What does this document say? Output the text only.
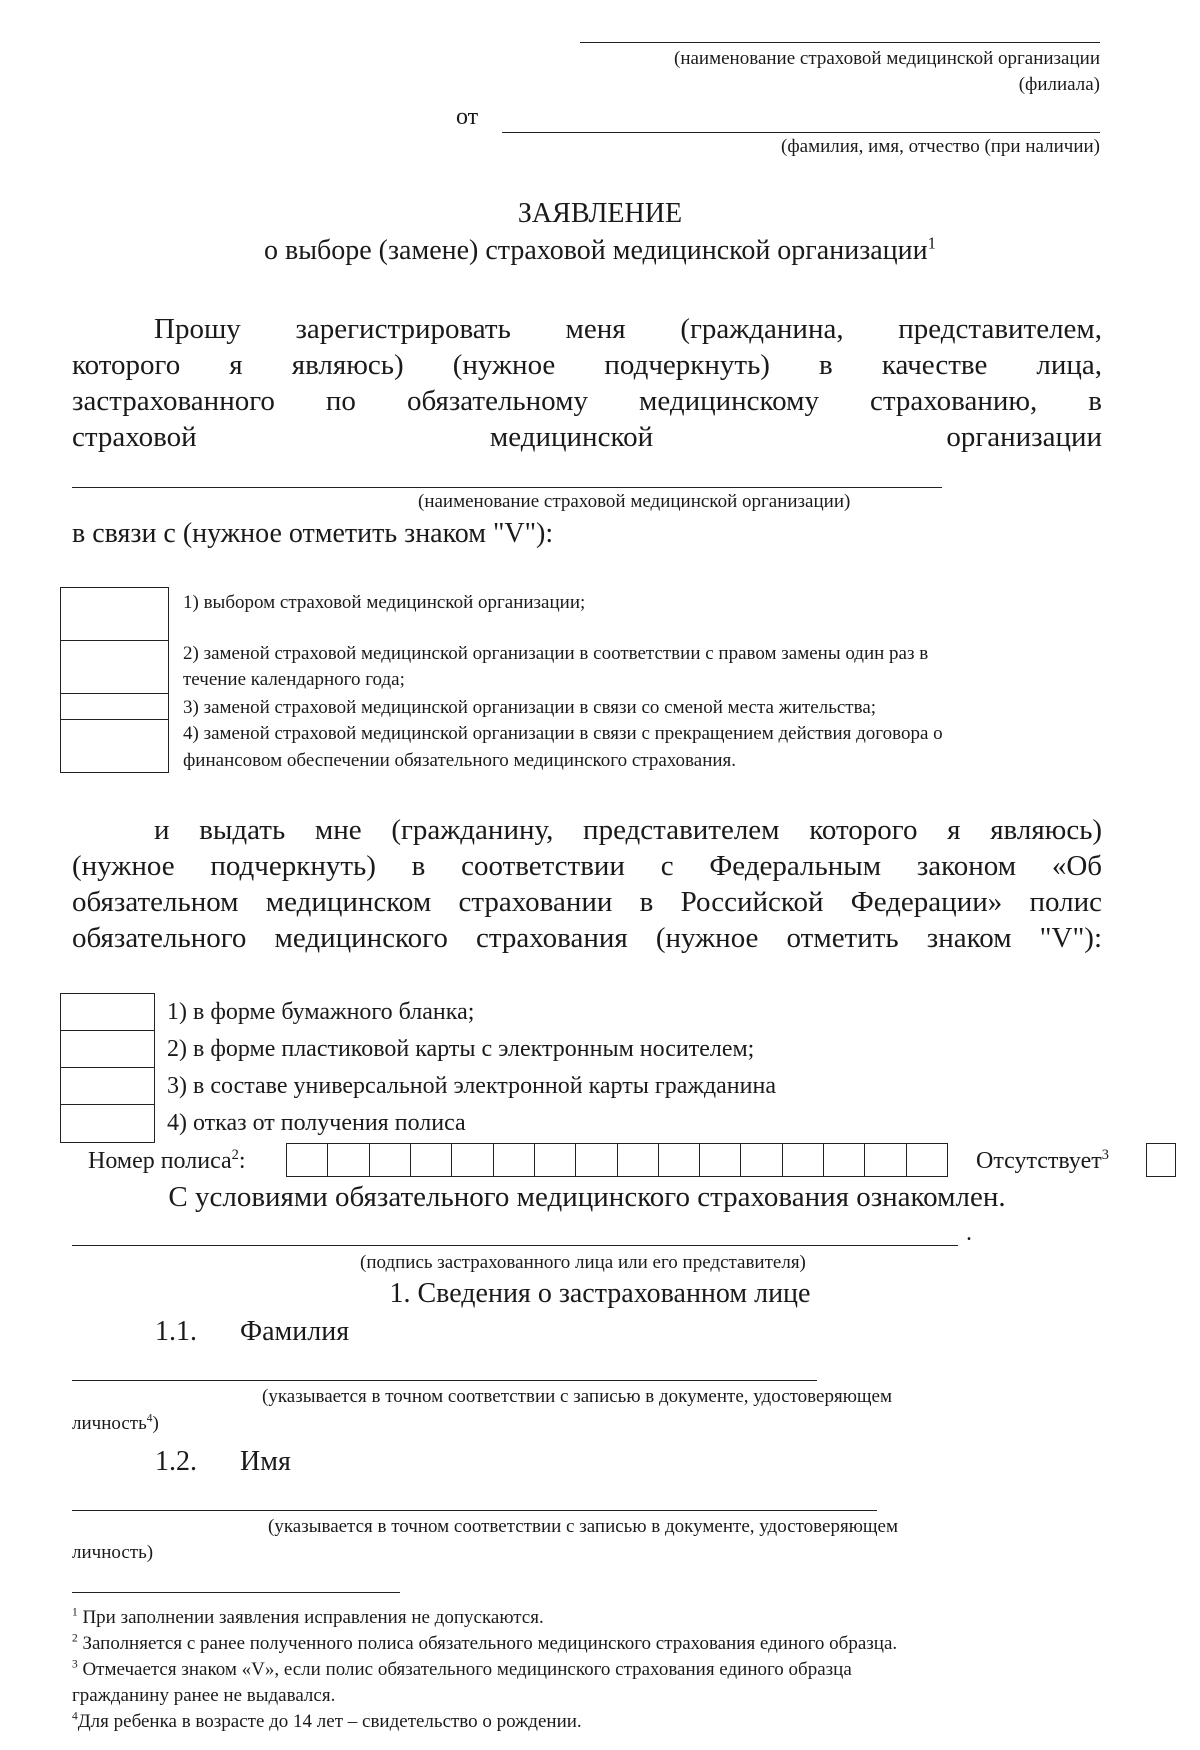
(наименование страховой медицинской организации
(филиала)
от
(фамилия, имя, отчество (при наличии)
ЗАЯВЛЕНИЕ
о выборе (замене) страховой медицинской организации$^1$
Прошу зарегистрировать меня (гражданина, представителем,
которого я являюсь) (нужное подчеркнуть) в качестве лица,
застрахованного по обязательному медицинскому страхованию, в
страховой	медицинской	организации
(наименование страховой медицинской организации)
в связи с (нужное отметить знаком "V"):
1) выбором страховой медицинской организации;
2) заменой страховой медицинской организации в соответствии с правом замены один раз в
течение календарного года;
3) заменой страховой медицинской организации в связи со сменой места жительства;
4) заменой страховой медицинской организации в связи с прекращением действия договора о
финансовом обеспечении обязательного медицинского страхования.
и выдать мне (гражданину, представителем которого я являюсь)
(нужное подчеркнуть) в соответствии с Федеральным законом «Об
обязательном медицинском страховании в Российской Федерации» полис
обязательного медицинского страхования (нужное отметить знаком "V"):
1) в форме бумажного бланка;
2) в форме пластиковой карты с электронным носителем;
3) в составе универсальной электронной карты гражданина
4) отказ от получения полиса
Номер полиса$^2$:	Отсутствует$^3$
С условиями обязательного медицинского страхования ознакомлен.
.
(подпись застрахованного лица или его представителя)
1. Сведения о застрахованном лице
1.1. Фамилия
(указывается в точном соответствии с записью в документе, удостоверяющем
личность$^4$)
1.2. Имя
(указывается в точном соответствии с записью в документе, удостоверяющем
личность)
$^1$ При заполнении заявления исправления не допускаются.
$^2$ Заполняется с ранее полученного полиса обязательного медицинского страхования единого образца.
$^3$ Отмечается знаком «V», если полис обязательного медицинского страхования единого образца
гражданину ранее не выдавался.
$^4$Для ребенка в возрасте до 14 лет – свидетельство о рождении.
